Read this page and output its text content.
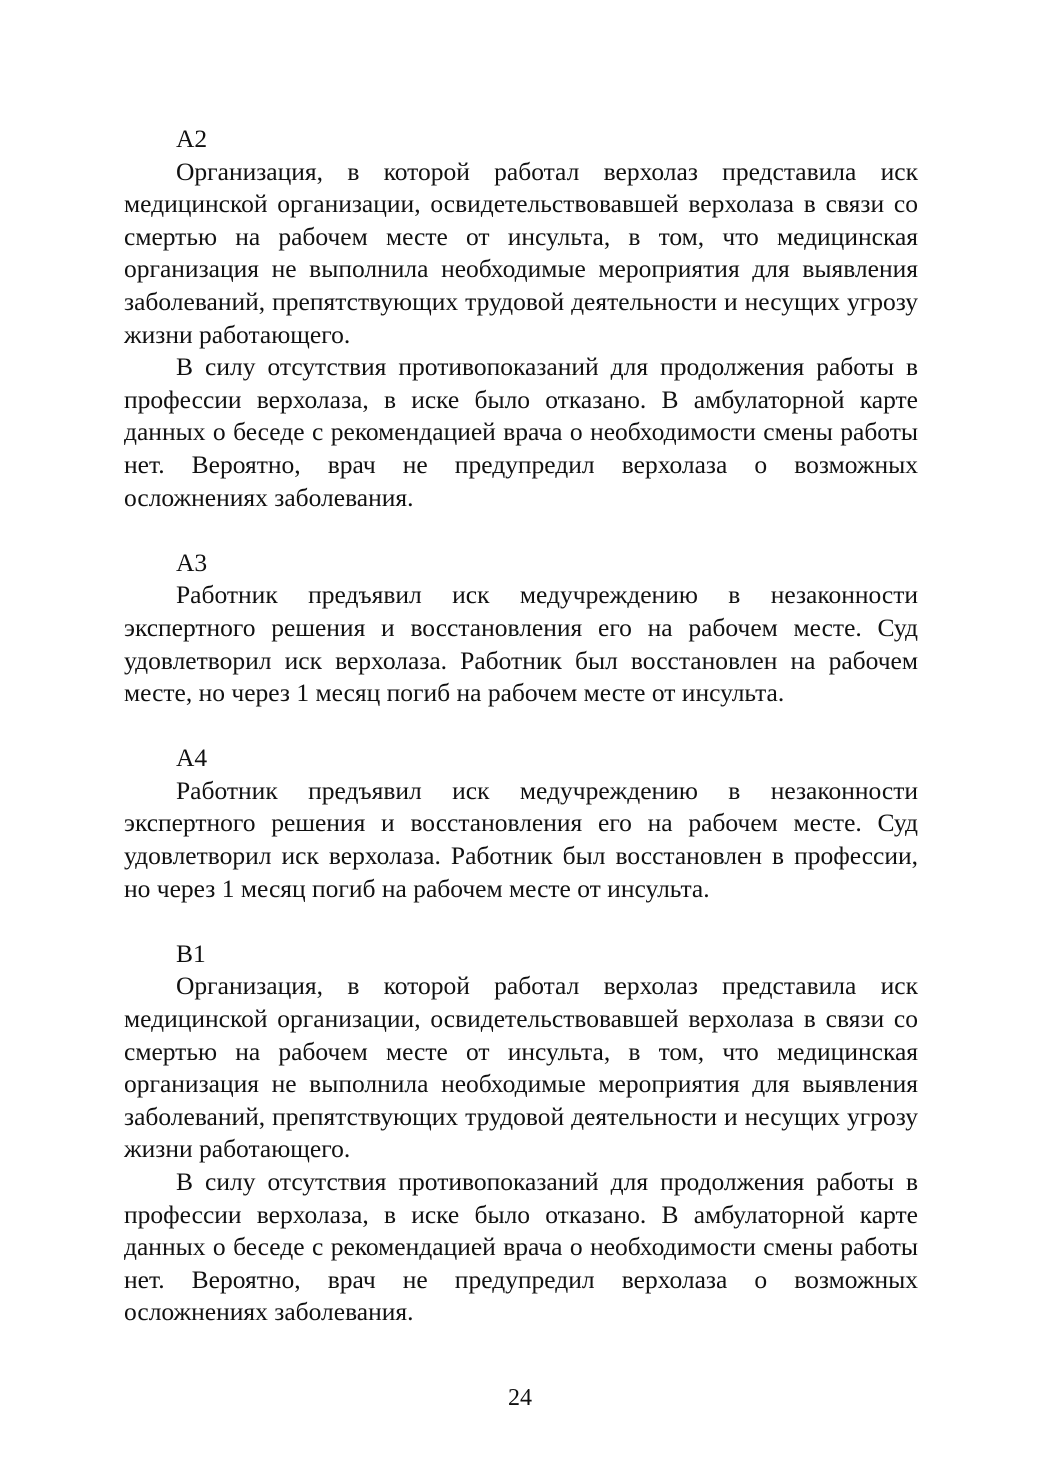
А2

Организация, в которой работал верхолаз представила иск медицинской организации, освидетельствовавшей верхолаза в связи со смертью на рабочем месте от инсульта, в том, что медицинская организация не выполнила необходимые мероприятия для выявления заболеваний, препятствующих трудовой деятельности и несущих угрозу жизни работающего.

В силу отсутствия противопоказаний для продолжения работы в профессии верхолаза, в иске было отказано. В амбулаторной карте данных о беседе с рекомендацией врача о необходимости смены работы нет. Вероятно, врач не предупредил верхолаза о возможных осложнениях заболевания.

А3

Работник предъявил иск медучреждению в незаконности экспертного решения и восстановления его на рабочем месте. Суд удовлетворил иск верхолаза. Работник был восстановлен на рабочем месте, но через 1 месяц погиб на рабочем месте от инсульта.

А4

Работник предъявил иск медучреждению в незаконности экспертного решения и восстановления его на рабочем месте. Суд удовлетворил иск верхолаза. Работник был восстановлен в профессии, но через 1 месяц погиб на рабочем месте от инсульта.

В1

Организация, в которой работал верхолаз представила иск медицинской организации, освидетельствовавшей верхолаза в связи со смертью на рабочем месте от инсульта, в том, что медицинская организация не выполнила необходимые мероприятия для выявления заболеваний, препятствующих трудовой деятельности и несущих угрозу жизни работающего.

В силу отсутствия противопоказаний для продолжения работы в профессии верхолаза, в иске было отказано. В амбулаторной карте данных о беседе с рекомендацией врача о необходимости смены работы нет. Вероятно, врач не предупредил верхолаза о возможных осложнениях заболевания.

24
